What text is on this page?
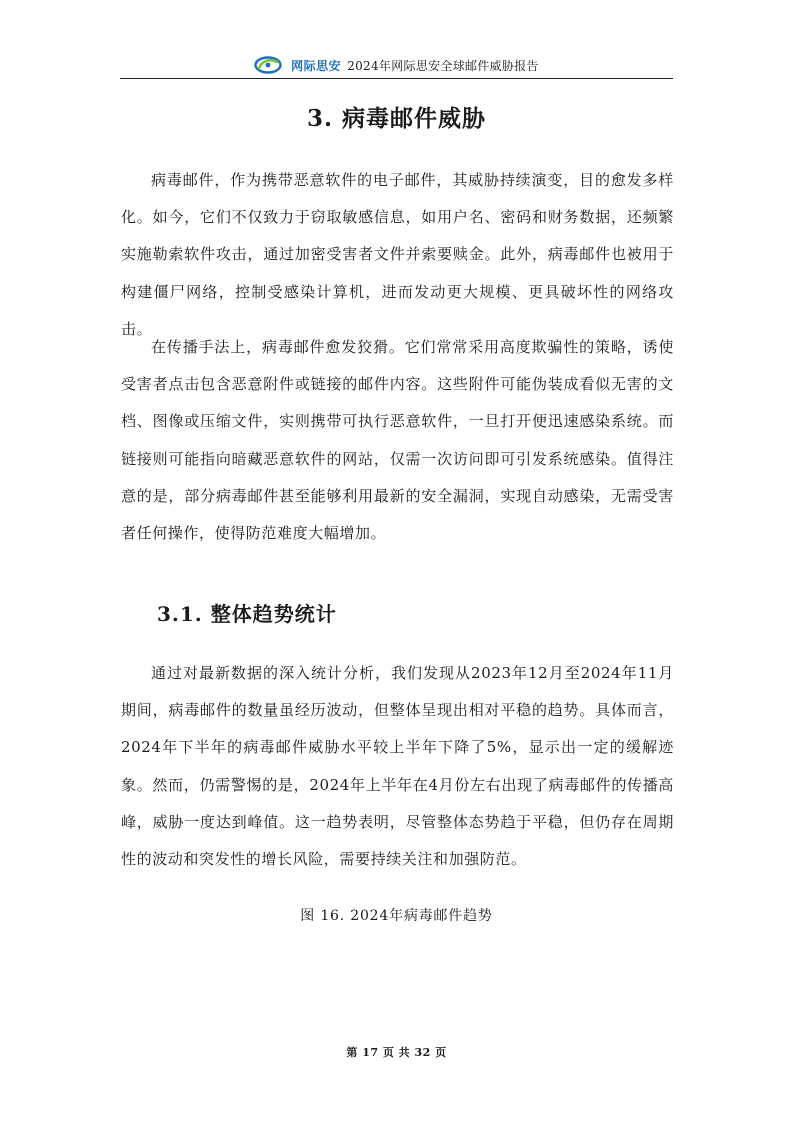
网际思安 2024年网际思安全球邮件威胁报告
3. 病毒邮件威胁

病毒邮件，作为携带恶意软件的电子邮件，其威胁持续演变，目的愈发多样化。如今，它们不仅致力于窃取敏感信息，如用户名、密码和财务数据，还频繁实施勒索软件攻击，通过加密受害者文件并索要赎金。此外，病毒邮件也被用于构建僵尸网络，控制受感染计算机，进而发动更大规模、更具破坏性的网络攻击。

在传播手法上，病毒邮件愈发狡猾。它们常常采用高度欺骗性的策略，诱使受害者点击包含恶意附件或链接的邮件内容。这些附件可能伪装成看似无害的文档、图像或压缩文件，实则携带可执行恶意软件，一旦打开便迅速感染系统。而链接则可能指向暗藏恶意软件的网站，仅需一次访问即可引发系统感染。值得注意的是，部分病毒邮件甚至能够利用最新的安全漏洞，实现自动感染，无需受害者任何操作，使得防范难度大幅增加。

3.1. 整体趋势统计

通过对最新数据的深入统计分析，我们发现从2023年12月至2024年11月期间，病毒邮件的数量虽经历波动，但整体呈现出相对平稳的趋势。具体而言，2024年下半年的病毒邮件威胁水平较上半年下降了5%，显示出一定的缓解迹象。然而，仍需警惕的是，2024年上半年在4月份左右出现了病毒邮件的传播高峰，威胁一度达到峰值。这一趋势表明，尽管整体态势趋于平稳，但仍存在周期性的波动和突发性的增长风险，需要持续关注和加强防范。

图 16. 2024年病毒邮件趋势
第 17 页 共 32 页
